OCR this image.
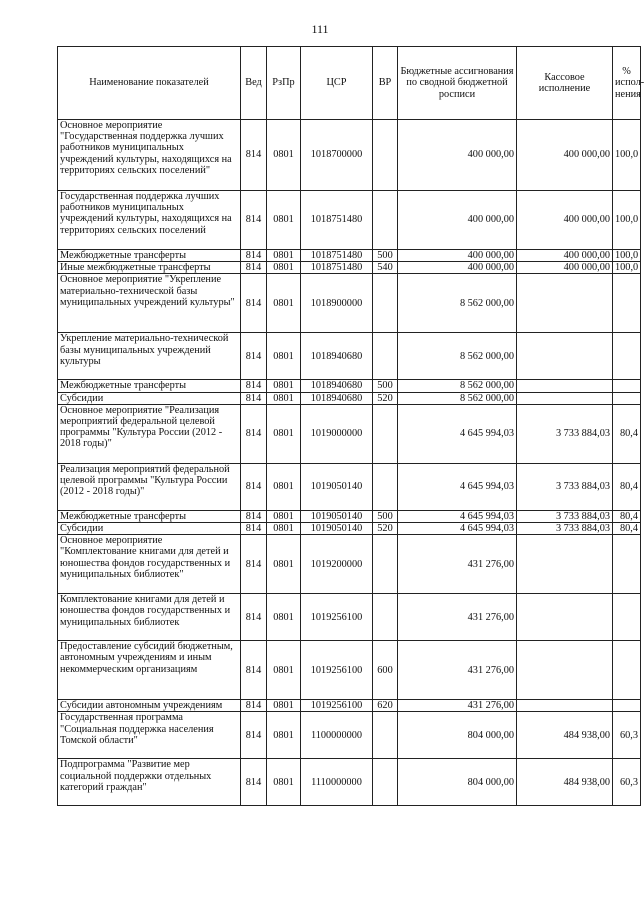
111
Наименование показателей	Вед	РзПр	ЦСР	ВР	Бюджетные ассигнования по сводной бюджетной росписи	Кассовое исполнение	% испол-нения
Основное мероприятие "Государственная поддержка лучших работников муниципальных учреждений культуры, находящихся на территориях сельских поселений"	814	0801	1018700000		400 000,00	400 000,00	100,0
Государственная поддержка лучших работников муниципальных учреждений культуры, находящихся на территориях сельских поселений	814	0801	1018751480		400 000,00	400 000,00	100,0
Межбюджетные трансферты	814	0801	1018751480	500	400 000,00	400 000,00	100,0
Иные межбюджетные трансферты	814	0801	1018751480	540	400 000,00	400 000,00	100,0
Основное мероприятие "Укрепление материально-технической базы муниципальных учреждений культуры"	814	0801	1018900000		8 562 000,00		
Укрепление материально-технической базы муниципальных учреждений культуры	814	0801	1018940680		8 562 000,00		
Межбюджетные трансферты	814	0801	1018940680	500	8 562 000,00		
Субсидии	814	0801	1018940680	520	8 562 000,00		
Основное мероприятие "Реализация мероприятий федеральной целевой программы "Культура России (2012 - 2018 годы)"	814	0801	1019000000		4 645 994,03	3 733 884,03	80,4
Реализация мероприятий федеральной целевой программы "Культура России (2012 - 2018 годы)"	814	0801	1019050140		4 645 994,03	3 733 884,03	80,4
Межбюджетные трансферты	814	0801	1019050140	500	4 645 994,03	3 733 884,03	80,4
Субсидии	814	0801	1019050140	520	4 645 994,03	3 733 884,03	80,4
Основное мероприятие "Комплектование книгами для детей и юношества фондов государственных и муниципальных библиотек"	814	0801	1019200000		431 276,00		
Комплектование книгами для детей и юношества фондов государственных и муниципальных библиотек	814	0801	1019256100		431 276,00		
Предоставление субсидий бюджетным, автономным учреждениям и иным некоммерческим организациям	814	0801	1019256100	600	431 276,00		
Субсидии автономным учреждениям	814	0801	1019256100	620	431 276,00		
Государственная программа "Социальная поддержка населения Томской области"	814	0801	1100000000		804 000,00	484 938,00	60,3
Подпрограмма "Развитие мер социальной поддержки отдельных категорий граждан"	814	0801	1110000000		804 000,00	484 938,00	60,3
